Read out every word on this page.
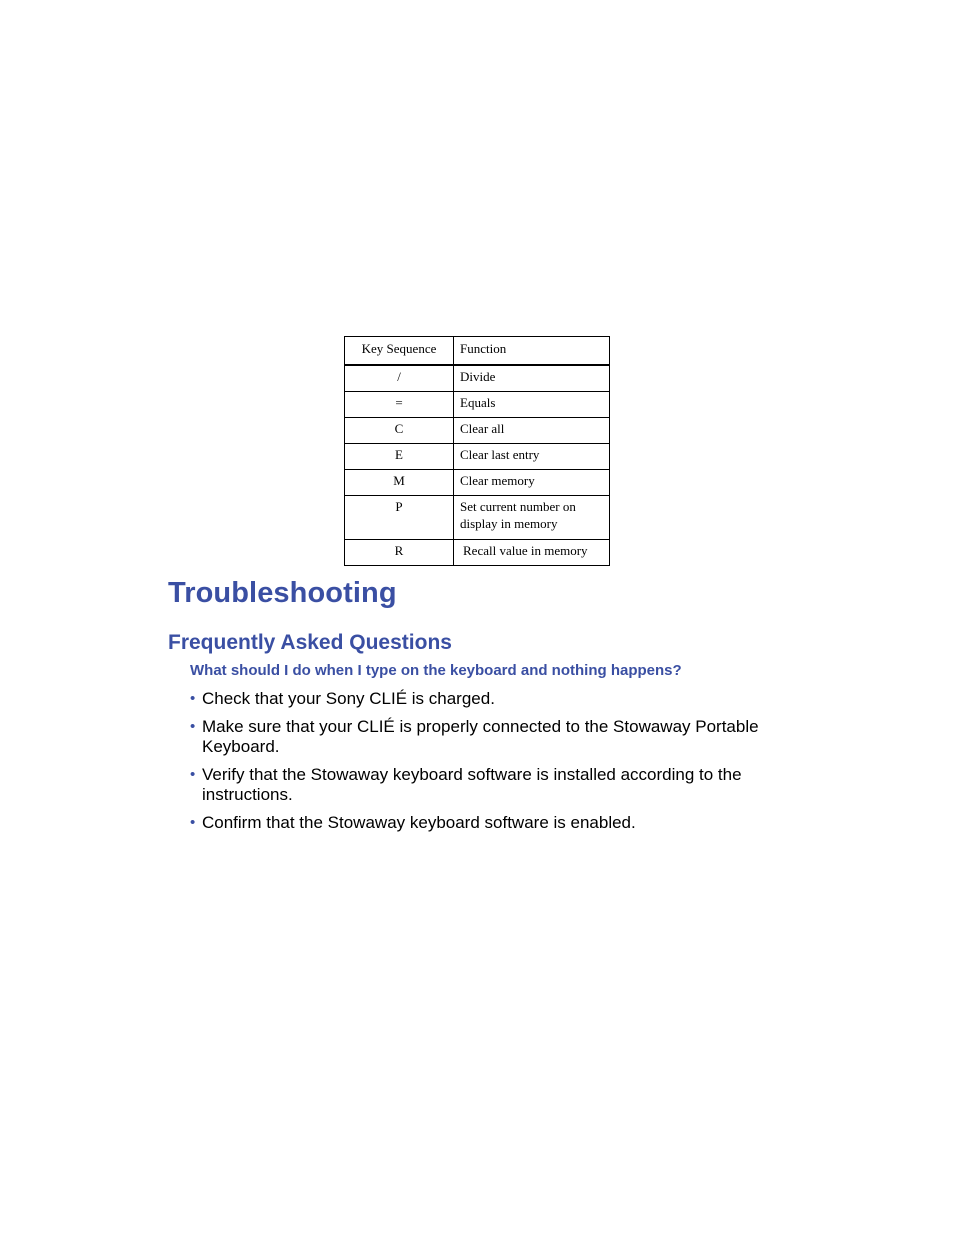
Key Sequence	Function
/	Divide
=	Equals
C	Clear all
E	Clear last entry
M	Clear memory
P	Set current number on display in memory
R	Recall value in memory
Troubleshooting
Frequently Asked Questions
What should I do when I type on the keyboard and nothing happens?
• Check that your Sony CLIÉ is charged.
• Make sure that your CLIÉ is properly connected to the Stowaway Portable Keyboard.
• Verify that the Stowaway keyboard software is installed according to the instructions.
• Confirm that the Stowaway keyboard software is enabled.
